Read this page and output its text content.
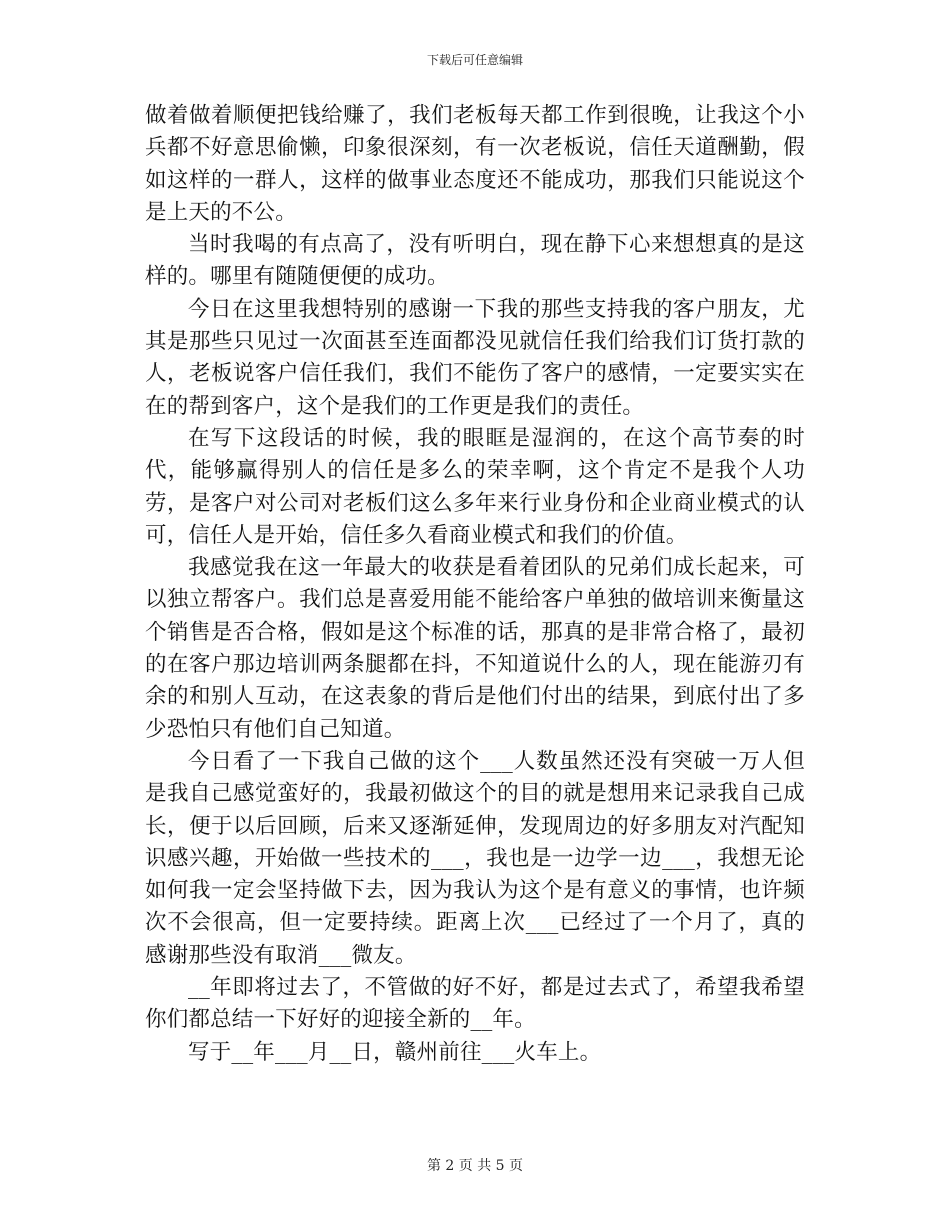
下载后可任意编辑

做着做着顺便把钱给赚了，我们老板每天都工作到很晚，让我这个小兵都不好意思偷懒，印象很深刻，有一次老板说，信任天道酬勤，假如这样的一群人，这样的做事业态度还不能成功，那我们只能说这个是上天的不公。

当时我喝的有点高了，没有听明白，现在静下心来想想真的是这样的。哪里有随随便便的成功。

今日在这里我想特别的感谢一下我的那些支持我的客户朋友，尤其是那些只见过一次面甚至连面都没见就信任我们给我们订货打款的人，老板说客户信任我们，我们不能伤了客户的感情，一定要实实在在的帮到客户，这个是我们的工作更是我们的责任。

在写下这段话的时候，我的眼眶是湿润的，在这个高节奏的时代，能够赢得别人的信任是多么的荣幸啊，这个肯定不是我个人功劳，是客户对公司对老板们这么多年来行业身份和企业商业模式的认可，信任人是开始，信任多久看商业模式和我们的价值。

我感觉我在这一年最大的收获是看着团队的兄弟们成长起来，可以独立帮客户。我们总是喜爱用能不能给客户单独的做培训来衡量这个销售是否合格，假如是这个标准的话，那真的是非常合格了，最初的在客户那边培训两条腿都在抖，不知道说什么的人，现在能游刃有余的和别人互动，在这表象的背后是他们付出的结果，到底付出了多少恐怕只有他们自己知道。

今日看了一下我自己做的这个___人数虽然还没有突破一万人但是我自己感觉蛮好的，我最初做这个的目的就是想用来记录我自己成长，便于以后回顾，后来又逐渐延伸，发现周边的好多朋友对汽配知识感兴趣，开始做一些技术的___，我也是一边学一边___，我想无论如何我一定会坚持做下去，因为我认为这个是有意义的事情，也许频次不会很高，但一定要持续。距离上次___已经过了一个月了，真的感谢那些没有取消___微友。

__年即将过去了，不管做的好不好，都是过去式了，希望我希望你们都总结一下好好的迎接全新的__年。

写于__年___月__日，赣州前往___火车上。

第 2 页 共 5 页
